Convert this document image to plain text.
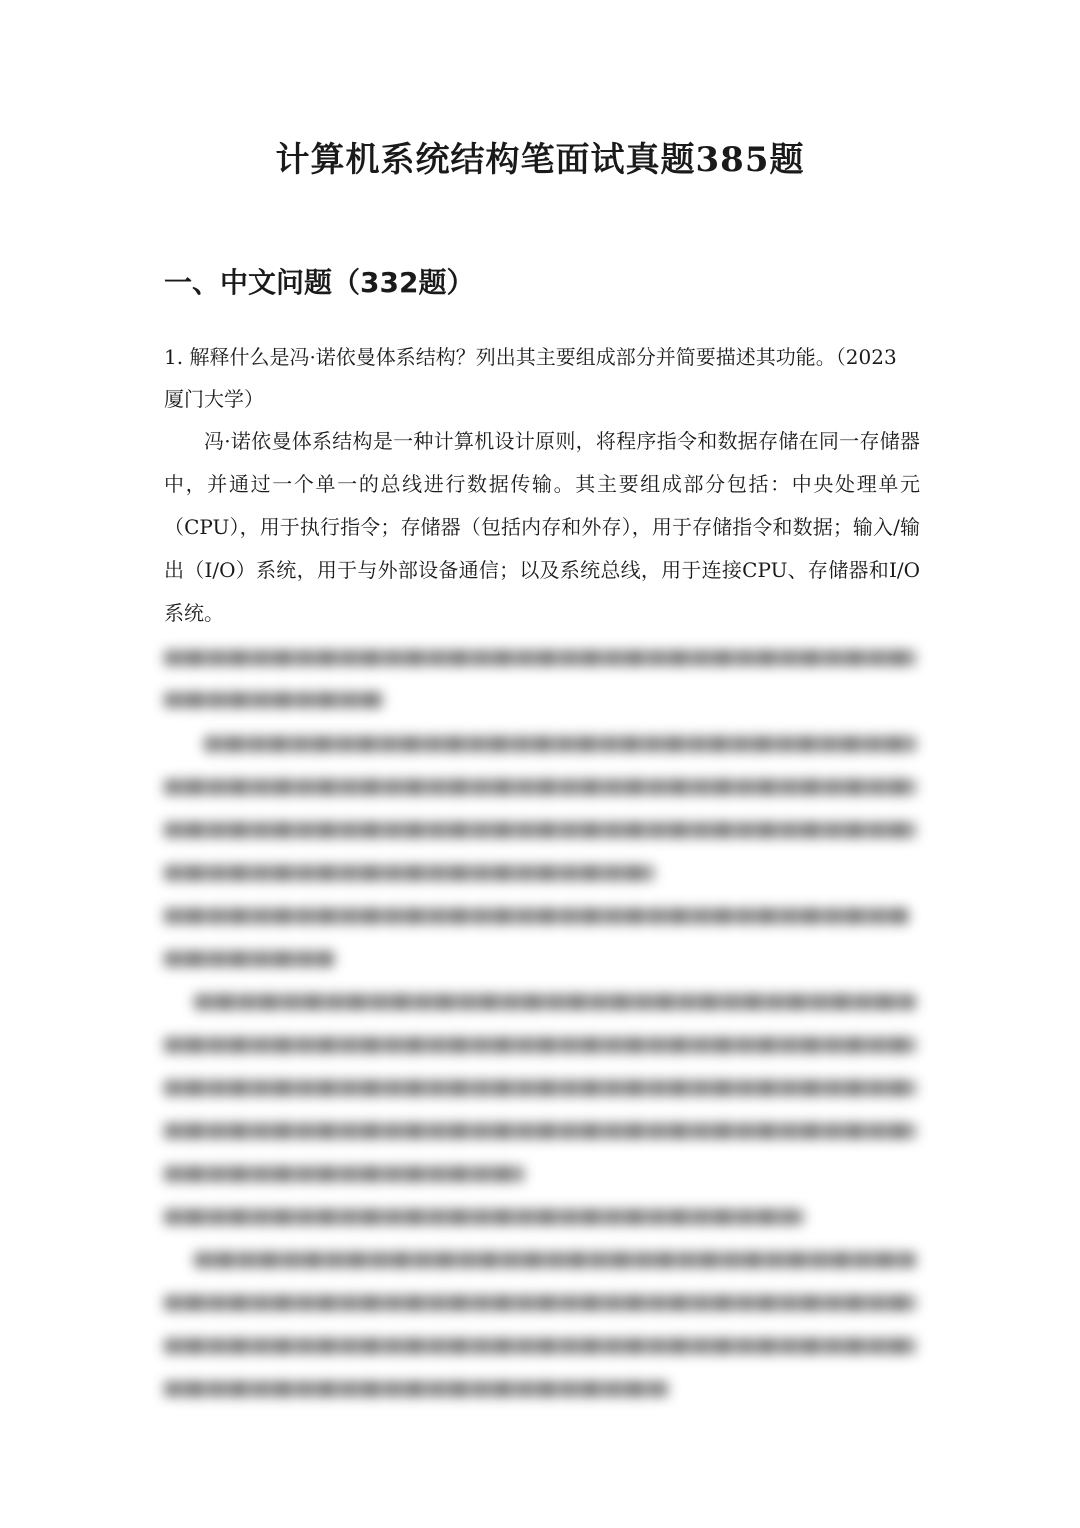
计算机系统结构笔面试真题385题
一、中文问题（332题）

1. 解释什么是冯·诺依曼体系结构？列出其主要组成部分并简要描述其功能。（2023 厦门大学）

冯·诺依曼体系结构是一种计算机设计原则，将程序指令和数据存储在同一存储器中，并通过一个单一的总线进行数据传输。其主要组成部分包括：中央处理单元（CPU），用于执行指令；存储器（包括内存和外存），用于存储指令和数据；输入/输出（I/O）系统，用于与外部设备通信；以及系统总线，用于连接CPU、存储器和I/O系统。
